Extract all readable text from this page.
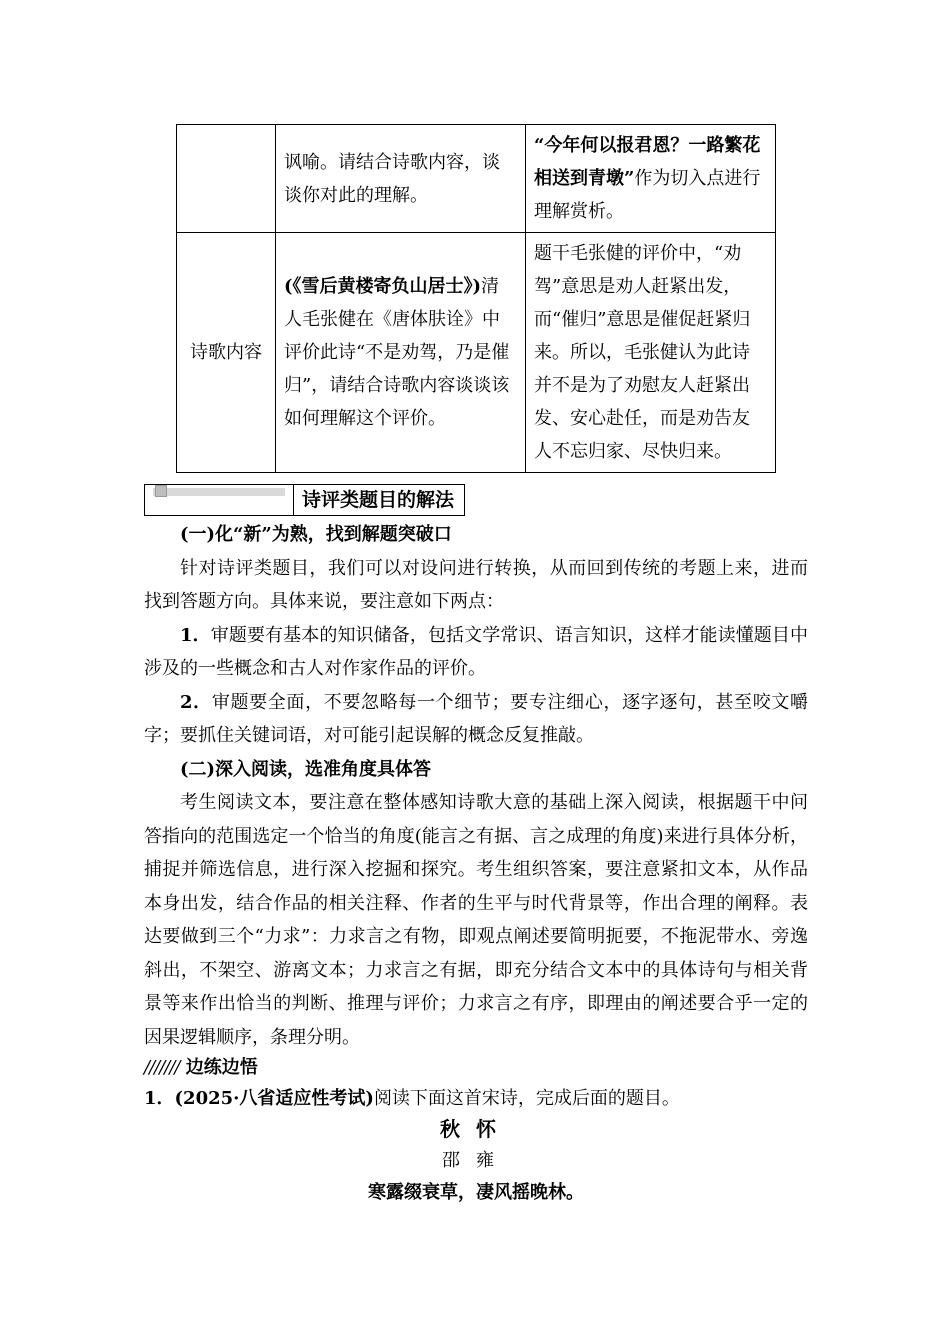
	讽喻。请结合诗歌内容，谈谈你对此的理解。	“今年何以报君恩？一路繁花相送到青墩”作为切入点进行理解赏析。
诗歌内容	(《雪后黄楼寄负山居士》)清人毛张健在《唐体肤诠》中评价此诗“不是劝驾，乃是催归”，请结合诗歌内容谈谈该如何理解这个评价。	题干毛张健的评价中，“劝驾”意思是劝人赶紧出发，而“催归”意思是催促赶紧归来。所以，毛张健认为此诗并不是为了劝慰友人赶紧出发、安心赴任，而是劝告友人不忘归家、尽快归来。
诗评类题目的解法

(一)化“新”为熟，找到解题突破口

针对诗评类题目，我们可以对设问进行转换，从而回到传统的考题上来，进而找到答题方向。具体来说，要注意如下两点：

1．审题要有基本的知识储备，包括文学常识、语言知识，这样才能读懂题目中涉及的一些概念和古人对作家作品的评价。

2．审题要全面，不要忽略每一个细节；要专注细心，逐字逐句，甚至咬文嚼字；要抓住关键词语，对可能引起误解的概念反复推敲。

(二)深入阅读，选准角度具体答

考生阅读文本，要注意在整体感知诗歌大意的基础上深入阅读，根据题干中问答指向的范围选定一个恰当的角度(能言之有据、言之成理的角度)来进行具体分析，捕捉并筛选信息，进行深入挖掘和探究。考生组织答案，要注意紧扣文本，从作品本身出发，结合作品的相关注释、作者的生平与时代背景等，作出合理的阐释。表达要做到三个“力求”：力求言之有物，即观点阐述要简明扼要，不拖泥带水、旁逸斜出，不架空、游离文本；力求言之有据，即充分结合文本中的具体诗句与相关背景等来作出恰当的判断、推理与评价；力求言之有序，即理由的阐述要合乎一定的因果逻辑顺序，条理分明。

/////// 边练边悟

1．(2025·八省适应性考试)阅读下面这首宋诗，完成后面的题目。

秋怀
邵雍
寒露缀衰草，凄风摇晚林。
